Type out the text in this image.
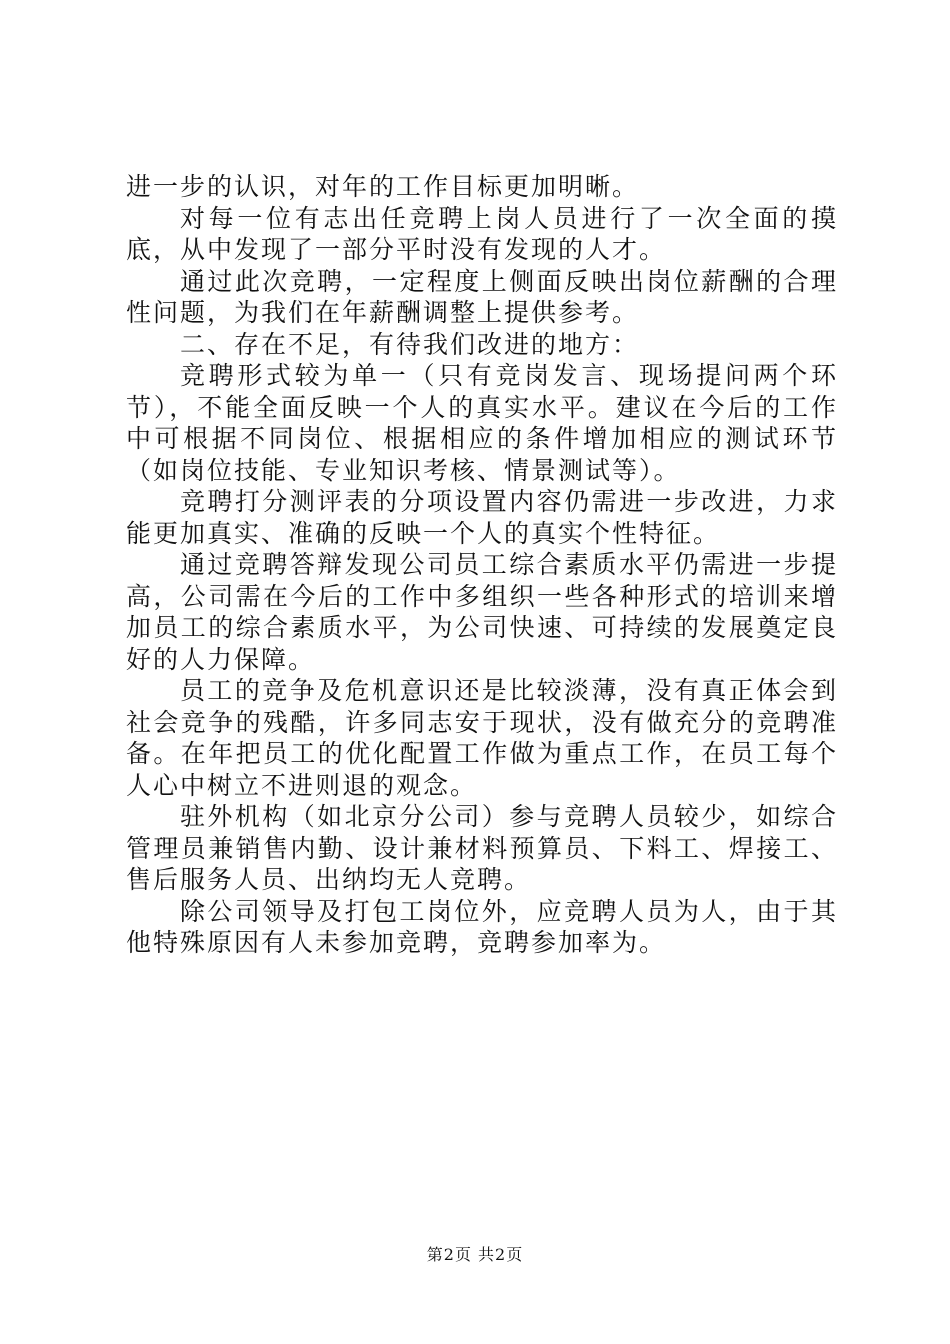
进一步的认识，对年的工作目标更加明晰。

对每一位有志出任竞聘上岗人员进行了一次全面的摸底，从中发现了一部分平时没有发现的人才。

通过此次竞聘，一定程度上侧面反映出岗位薪酬的合理性问题，为我们在年薪酬调整上提供参考。

二、存在不足，有待我们改进的地方：

竞聘形式较为单一（只有竞岗发言、现场提问两个环节），不能全面反映一个人的真实水平。建议在今后的工作中可根据不同岗位、根据相应的条件增加相应的测试环节（如岗位技能、专业知识考核、情景测试等）。

竞聘打分测评表的分项设置内容仍需进一步改进，力求能更加真实、准确的反映一个人的真实个性特征。

通过竞聘答辩发现公司员工综合素质水平仍需进一步提高，公司需在今后的工作中多组织一些各种形式的培训来增加员工的综合素质水平，为公司快速、可持续的发展奠定良好的人力保障。

员工的竞争及危机意识还是比较淡薄，没有真正体会到社会竞争的残酷，许多同志安于现状，没有做充分的竞聘准备。在年把员工的优化配置工作做为重点工作，在员工每个人心中树立不进则退的观念。

驻外机构（如北京分公司）参与竞聘人员较少，如综合管理员兼销售内勤、设计兼材料预算员、下料工、焊接工、售后服务人员、出纳均无人竞聘。

除公司领导及打包工岗位外，应竞聘人员为人，由于其他特殊原因有人未参加竞聘，竞聘参加率为。

第2页 共2页
